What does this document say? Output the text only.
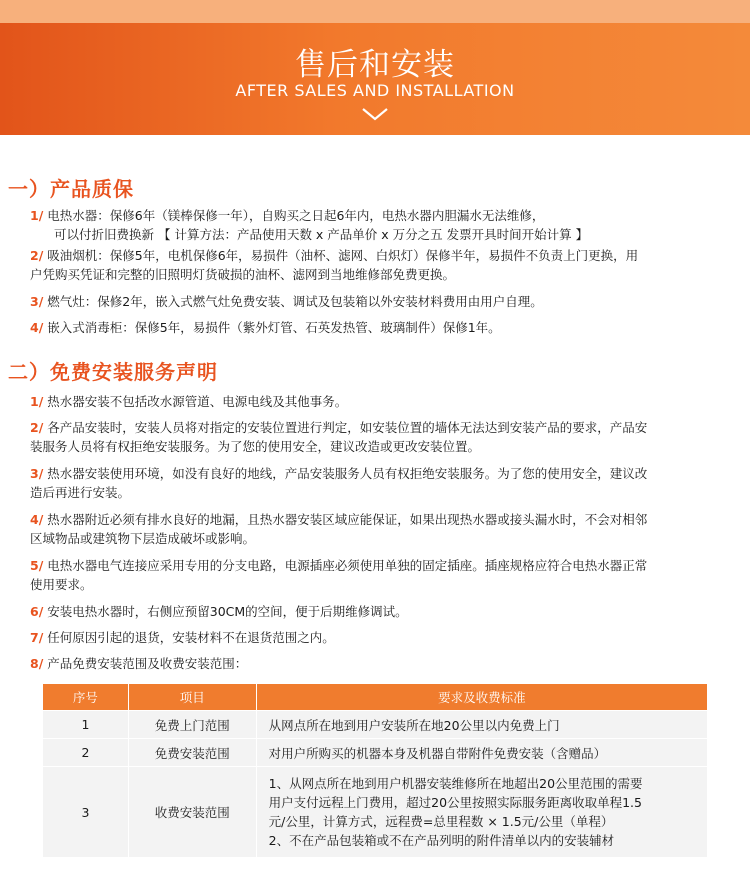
售后和安装
AFTER SALES AND INSTALLATION
一）产品质保
1/ 电热水器：保修6年（镁棒保修一年），自购买之日起6年内，电热水器内胆漏水无法维修，
可以付折旧费换新 【 计算方法：产品使用天数 x 产品单价 x 万分之五 发票开具时间开始计算 】
2/ 吸油烟机：保修5年，电机保修6年，易损件（油杯、滤网、白炽灯）保修半年，易损件不负责上门更换，用
户凭购买凭证和完整的旧照明灯货破损的油杯、滤网到当地维修部免费更换。
3/ 燃气灶：保修2年，嵌入式燃气灶免费安装、调试及包装箱以外安装材料费用由用户自理。
4/ 嵌入式消毒柜：保修5年，易损件（紫外灯管、石英发热管、玻璃制件）保修1年。
二）免费安装服务声明
1/ 热水器安装不包括改水源管道、电源电线及其他事务。
2/ 各产品安装时，安装人员将对指定的安装位置进行判定，如安装位置的墙体无法达到安装产品的要求，产品安
装服务人员将有权拒绝安装服务。为了您的使用安全，建议改造或更改安装位置。
3/ 热水器安装使用环境，如没有良好的地线，产品安装服务人员有权拒绝安装服务。为了您的使用安全，建议改
造后再进行安装。
4/ 热水器附近必须有排水良好的地漏，且热水器安装区域应能保证，如果出现热水器或接头漏水时，不会对相邻
区域物品或建筑物下层造成破坏或影响。
5/ 电热水器电气连接应采用专用的分支电路，电源插座必须使用单独的固定插座。插座规格应符合电热水器正常
使用要求。
6/ 安装电热水器时，右侧应预留30CM的空间，便于后期维修调试。
7/ 任何原因引起的退货，安装材料不在退货范围之内。
8/ 产品免费安装范围及收费安装范围：
序号	项目	要求及收费标准
1	免费上门范围	从网点所在地到用户安装所在地20公里以内免费上门
2	免费安装范围	对用户所购买的机器本身及机器自带附件免费安装（含赠品）
3	收费安装范围	1、从网点所在地到用户机器安装维修所在地超出20公里范围的需要
用户支付远程上门费用，超过20公里按照实际服务距离收取单程1.5
元/公里，计算方式，远程费=总里程数 × 1.5元/公里（单程）
2、不在产品包装箱或不在产品列明的附件清单以内的安装辅材
